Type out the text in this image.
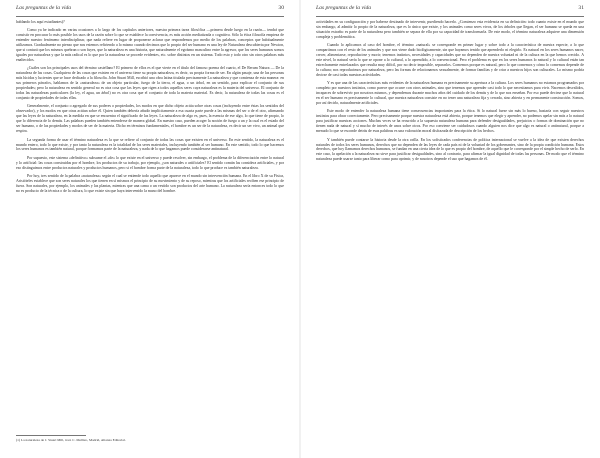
Las preguntas de la vida	30

hablando los aquí estudiantes)?

Como ya he indicado en varias ocasiones a lo largo de los capítulos anteriores, nuestra primera tarea filosófica —primera desde luego en la razón— tendrá que consistir en procurar lo más posible los usos de la razón sobre lo que se establece la convivencia, es más acción mediatizada o cognitiva. Sólo la ética filosofía empieza de entender nuestro fenómeno interdisciplinar, que nada refiere en lugar de proponerse aclarar que respondemos por medio de los palabras, conceptos que habitualmente utilizamos. Gradualmente no pienso que nos estemos refiriendo a lo mismo cuando decimos que lo propio del ser humano es una ley de Naturaleza descubierta por Newton, que si contará que los mismos quebran o son fuyes, que la naturaleza es una historia, que naturalmente el egoísmo masculino entre la agresor, que los seres humanos somos iguales por naturaleza y que la más radical es lo que por la naturaleza se procede evidentes, etc. sobre distintos en un sistema. Todo esto y todo otro sin otros palabras más enaltecidos.

¿Cuáles son los principales usos del término castellano? El primero de ellos es el que vierte en el título del famoso poema del cuarto, el De Rerum Natura — De la naturaleza de las cosas. Cualquiera de las cosas que existen en el universo tiene su propia naturaleza, es decir, su propia forma de ser. En algún pasaje, una de las personas más lúcidas y lucientes que se hace dedicado a la filosofía. John Stuart Mill, escribió una obra latina titulada precisamente La naturaleza y que comienza de esta manera: en sus primeros párrafos, hablamos de la «naturaleza» de un objeto particular, fuego de la tierra, el agua, o un árbol, en un sentido, para explicar el conjunto de sus propiedades; pero la naturaleza en sentido general no es otra cosa que las leyes que rigen a todos aquellos seres cuya naturaleza es la materia del universo. El conjunto de todas las naturalezas particulares (la ley, el agua, un árbol) no es otra cosa que el conjunto de toda la materia material. Es decir, la naturaleza de todas las cosas es el conjunto de propiedades de todas ellas.

Generalmente, el conjunto o agregado de sus poderes o propiedades, los modos en que dicho objeto actúa sobre otras cosas (incluyendo entre éstas los sentidos del observador), y los modos en que otras actúan sobre él. Quien también debería añadir implícitamente a esa cuarta parte puede a las mismas del ser o de el otro, afirmando que las leyes de la naturaleza, en la medida en que se encuentra el significado de las leyes. La naturaleza de algo es, pues, la esencia de ese algo, lo que tiene de propio, lo que lo diferencia de lo demás. Las palabras pueden también entenderse de manera global. En nuestro caso, pueden acoger la noción de fuego a un y la cual es el estado del ser humano, o de las propiedades y modos de ser de la materia. Dicho en términos fundamentales, el hombre es un ser de la naturaleza, es decir un ser vivo, un animal que respira.

La segunda forma de usar el término naturaleza es la que se refiere al conjunto de todas las cosas que existen en el universo. En este sentido, la naturaleza es el mundo entero, todo lo que existe, y por tanto la naturaleza es la totalidad de los seres materiales, incluyendo también al ser humano. En este sentido, todo lo que hacemos los seres humanos es también natural, porque formamos parte de la naturaleza, y nada de lo que hagamos puede considerarse antinatural.

Por supuesto, este sistema «definitivo» subsume el «de» lo que existe en el universo y puede resolver, sin embargo, el problema de la diferenciación entre lo natural y lo artificial: las cosas construidas por el hombre, los productos de su trabajo, por ejemplo, ¿son naturales o artificiales? El sentido común las considera artificiales, y por eso distinguimos entre productos naturales y productos humanos, pero si el hombre forma parte de la naturaleza, todo lo que produce es también naturaleza.

Por hoy, tres sentido de la palabra «naturaleza» según el cual se entiende todo aquello que aparece en el mundo sin intervención humana. En el libro X de su Física, Aristóteles establece que son seres naturales los que tienen en sí mismos el principio de su movimiento y de su reposo, mientras que los artificiales reciben ese principio de fuera. Son naturales, por ejemplo, los animales y las plantas, mientras que una cama o un vestido son productos del arte humano. La naturaleza sería entonces todo lo que no es producto de la técnica o de la cultura, lo que existe sin que haya intervenido la mano del hombre.

(1) La naturaleza de J. Stuart Mill, trad. C. Mellizo, Madrid, Alianza Editorial.
Las preguntas de la vida	31

actividades en su configuración y por haberse destinado de intervenir, puediendo hacerlo. ¿Comienzo esta evidencia en su definición: todo cuanto existe en el mundo que sin embargo, al admitir lo propio de la naturaleza, que es lo único que existe, y los animales como seres vivos, de los árboles que llegan, el ser humano se queda en una situación extraña: es parte de la naturaleza pero también se separa de ella por su capacidad de transformarla. De este modo, el término naturaleza adquiere una dimensión compleja y problemática.

Cuando lo aplicamos al caso del hombre, el término «natural» se corresponde en primer lugar y sobre todo a la característica de nuestra especie, a lo que compartimos con el resto de los animales y que nos viene dado biológicamente, sin que hayamos tenido que aprenderlo ni elegirlo. Es natural en los seres humanos nacer, crecer, alimentarse, reproducirse y morir; tenemos instintos, necesidades y capacidades que no dependen de nuestra voluntad ni de la cultura en la que hemos crecido. A este nivel, lo natural sería lo que se opone a lo cultural, a lo aprendido, a lo convencional. Pero el problema es que en los seres humanos lo natural y lo cultural están tan estrechamente entrelazados que resulta muy difícil, por no decir imposible, separarlos. Comemos porque es natural, pero lo que comemos y cómo lo comemos depende de la cultura; nos reproducimos por naturaleza, pero las formas de relacionarnos sexualmente, de formar familias y de criar a nuestros hijos son culturales. Lo mismo podría decirse de casi todas nuestras actividades.

Y es que una de las características más evidentes de la naturaleza humana es precisamente su apertura a la cultura. Los seres humanos no estamos programados por completo por nuestros instintos, como parece que ocurre con otros animales, sino que tenemos que aprender casi todo lo que necesitamos para vivir. Nacemos desvalidos, incapaces de sobrevivir por nosotros mismos, y dependemos durante muchos años del cuidado de los demás y de lo que nos enseñan. Por eso puede decirse que lo natural en el ser humano es precisamente lo cultural, que nuestra naturaleza consiste en no tener una naturaleza fija y cerrada, sino abierta y en permanente construcción. Somos, por así decirlo, naturalmente artificiales.

Este modo de entender la naturaleza humana tiene consecuencias importantes para la ética. Si lo natural fuese sin más lo bueno, bastaría con seguir nuestros instintos para obrar correctamente. Pero precisamente porque nuestra naturaleza está abierta, porque tenemos que elegir y aprender, no podemos apelar sin más a lo natural para justificar nuestras acciones. Muchas veces se ha recurrido a la supuesta naturaleza humana para defender desigualdades, prejuicios o formas de dominación que no tienen nada de natural y sí mucho de interés de unos sobre otros. Por eso conviene ser cuidadosos cuando alguien nos dice que algo es natural o antinatural, porque a menudo lo que se esconde detrás de esas palabras es una valoración moral disfrazada de descripción de los hechos.

Y también puede contarse la historia desde la otra orilla. En los sofisticados conferencias de política internacional se vuelve a la idea de que existen derechos naturales de todos los seres humanos, derechos que no dependen de las leyes de cada país ni de la voluntad de los gobernantes, sino de la propia condición humana. Estos derechos, que hoy llamamos derechos humanos, se fundan en una cierta idea de lo que es propio del hombre, de aquello que le corresponde por el simple hecho de serlo. En este caso, la apelación a la naturaleza no sirve para justificar desigualdades, sino al contrario, para afirmar la igual dignidad de todas las personas. De modo que el término naturaleza puede usarse tanto para liberar como para oprimir, y de nosotros depende el uso que hagamos de él.
